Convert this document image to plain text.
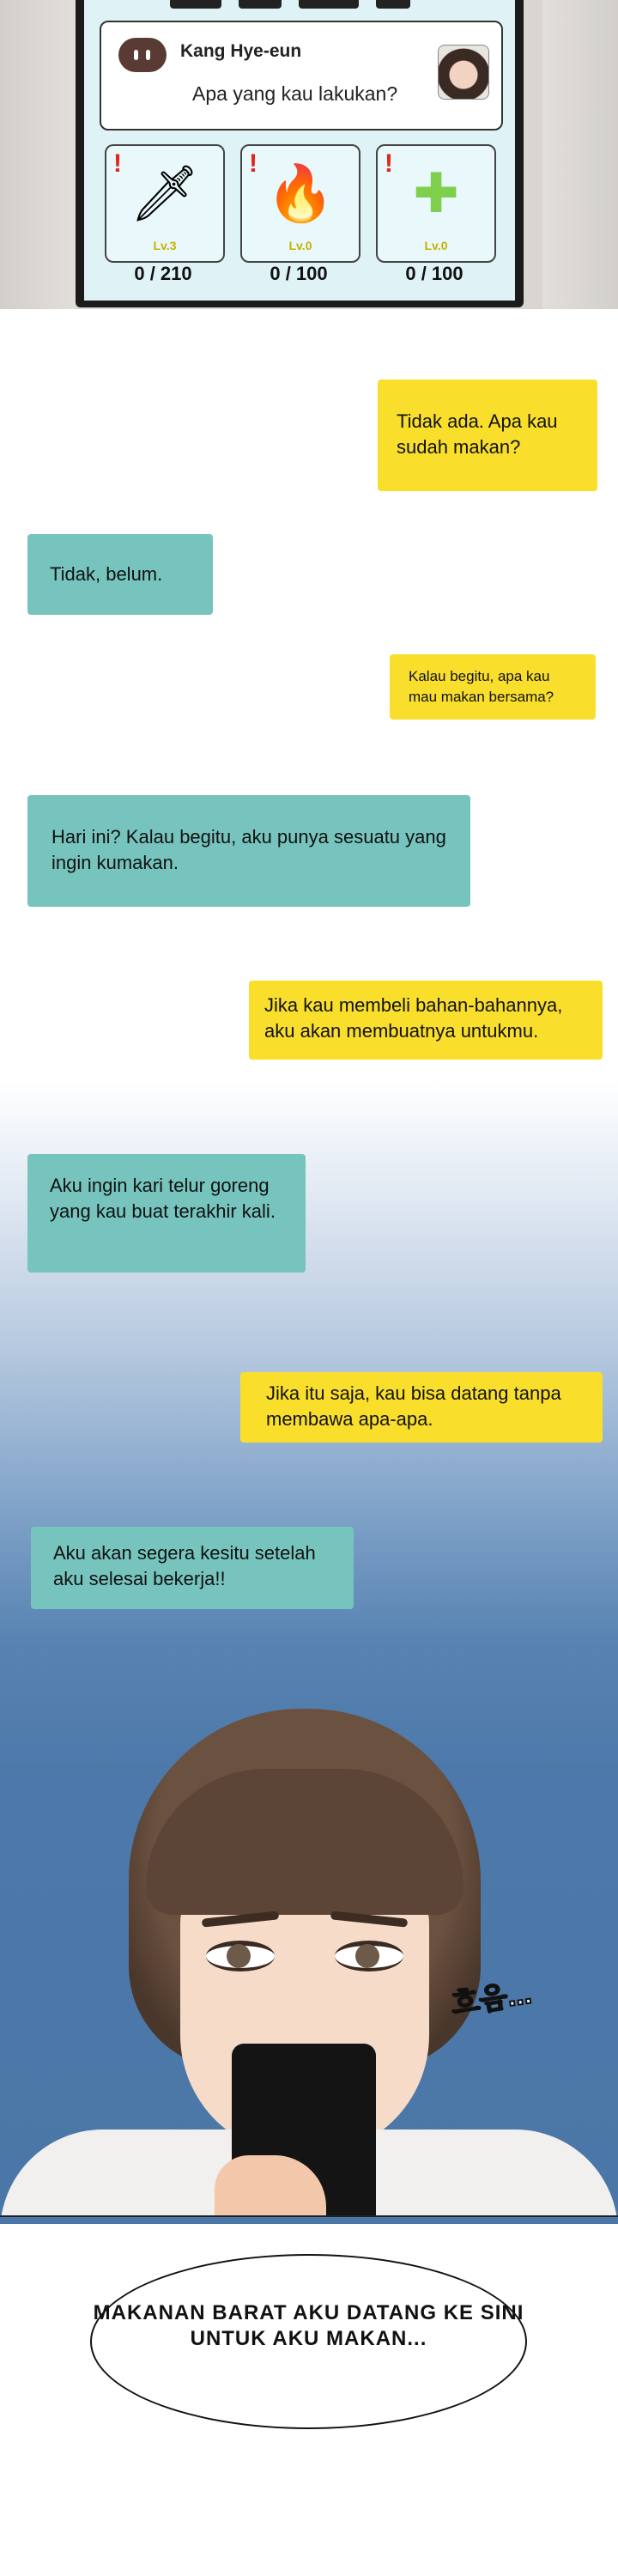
Kang Hye-eun
Apa yang kau lakukan?
! 🗡
Lv.3
! 🔥
Lv.0
! ✚
Lv.0
0 / 210	0 / 100	0 / 100
Tidak ada. Apa kau sudah makan?
Tidak, belum.
Kalau begitu, apa kau mau makan bersama?
Hari ini? Kalau begitu, aku punya sesuatu yang ingin kumakan.
Jika kau membeli bahan-bahannya, aku akan membuatnya untukmu.
Aku ingin kari telur goreng yang kau buat terakhir kali.
Jika itu saja, kau bisa datang tanpa membawa apa-apa.
Aku akan segera kesitu setelah aku selesai bekerja!!
흐음...
MAKANAN BARAT AKU DATANG KE SINI UNTUK AKU MAKAN...
